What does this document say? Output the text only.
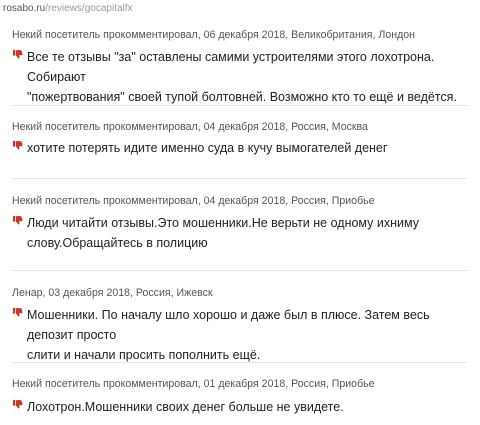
rosabo.ru/reviews/gocapitalfx
Некий посетитель прокомментировал, 06 декабря 2018, Великобритания, Лондон
Все те отзывы "за" оставлены самими устроителями этого лохотрона. Собирают
"пожертвования" своей тупой болтовней. Возможно кто то ещё и ведётся.
Некий посетитель прокомментировал, 04 декабря 2018, Россия, Москва
хотите потерять идите именно суда в кучу вымогателей денег
Некий посетитель прокомментировал, 04 декабря 2018, Россия, Приобье
Люди читайти отзывы.Это мошенники.Не верьти не одному ихниму
слову.Обращайтесь в полицию
Ленар, 03 декабря 2018, Россия, Ижевск
Мошенники. По началу шло хорошо и даже был в плюсе. Затем весь депозит просто
слити и начали просить пополнить ещё.
Некий посетитель прокомментировал, 01 декабря 2018, Россия, Приобье
Лохотрон.Мошенники своих денег больше не увидете.
